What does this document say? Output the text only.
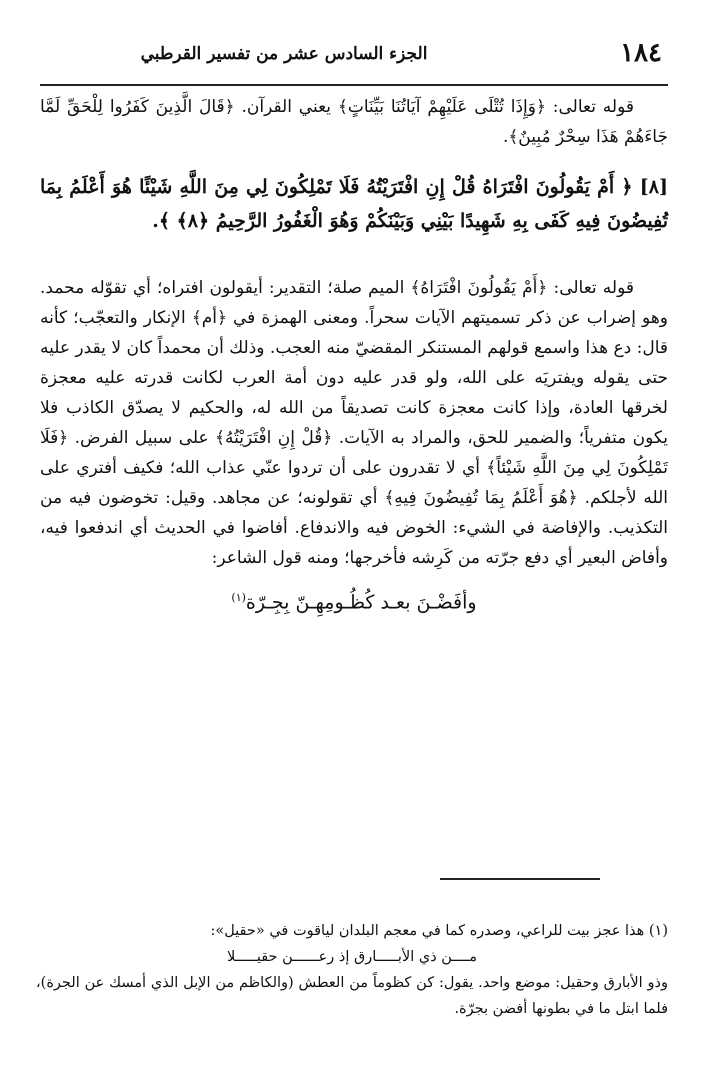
١٨٤
الجزء السادس عشر من تفسير القرطبي

قوله تعالى: ﴿وَإِذَا تُتْلَى عَلَيْهِمْ آيَاتُنَا بَيِّنَاتٍ﴾ يعني القرآن. ﴿قَالَ الَّذِينَ كَفَرُوا لِلْحَقِّ لَمَّا جَاءَهُمْ هَذَا سِحْرٌ مُبِينٌ﴾.

[٨] ﴿ أَمْ يَقُولُونَ افْتَرَاهُ قُلْ إِنِ افْتَرَيْتُهُ فَلَا تَمْلِكُونَ لِي مِنَ اللَّهِ شَيْئًا هُوَ أَعْلَمُ بِمَا تُفِيضُونَ فِيهِ كَفَى بِهِ شَهِيدًا بَيْنِي وَبَيْنَكُمْ وَهُوَ الْغَفُورُ الرَّحِيمُ ﴿٨﴾ ﴾.

قوله تعالى: ﴿أَمْ يَقُولُونَ افْتَرَاهُ﴾ الميم صلة؛ التقدير: أيقولون افتراه؛ أي تقوّله محمد. وهو إضراب عن ذكر تسميتهم الآيات سحراً. ومعنى الهمزة في ﴿أم﴾ الإنكار والتعجّب؛ كأنه قال: دع هذا واسمع قولهم المستنكر المقضيّ منه العجب. وذلك أن محمداً كان لا يقدر عليه حتى يقوله ويفتريَه على الله، ولو قدر عليه دون أمة العرب لكانت قدرته عليه معجزة لخرقها العادة، وإذا كانت معجزة كانت تصديقاً من الله له، والحكيم لا يصدّق الكاذب فلا يكون متفرياً؛ والضمير للحق، والمراد به الآيات. ﴿قُلْ إِنِ افْتَرَيْتُهُ﴾ على سبيل الفرض. ﴿فَلَا تَمْلِكُونَ لِي مِنَ اللَّهِ شَيْئاً﴾ أي لا تقدرون على أن تردوا عنّي عذاب الله؛ فكيف أفتري على الله لأجلكم. ﴿هُوَ أَعْلَمُ بِمَا تُفِيضُونَ فِيهِ﴾ أي تقولونه؛ عن مجاهد. وقيل: تخوضون فيه من التكذيب. والإفاضة في الشيء: الخوض فيه والاندفاع. أفاضوا في الحديث أي اندفعوا فيه، وأفاض البعير أي دفع جرّته من كَرِشه فأخرجها؛ ومنه قول الشاعر:

وأفَضْـنَ بعـد كُظُـومِهِـنّ بِجِـرّة$^{(١)}$

(١) هذا عجز بيت للراعي، وصدره كما في معجم البلدان لياقوت في «حقيل»:

مــــن ذي الأبـــــارق إذ رعــــــن حقيـــــلا

وذو الأبارق وحقيل: موضع واحد. يقول: كن كظوماً من العطش (والكاظم من الإبل الذي أمسك عن الجرة)، فلما ابتل ما في بطونها أفضن بجرّة.
